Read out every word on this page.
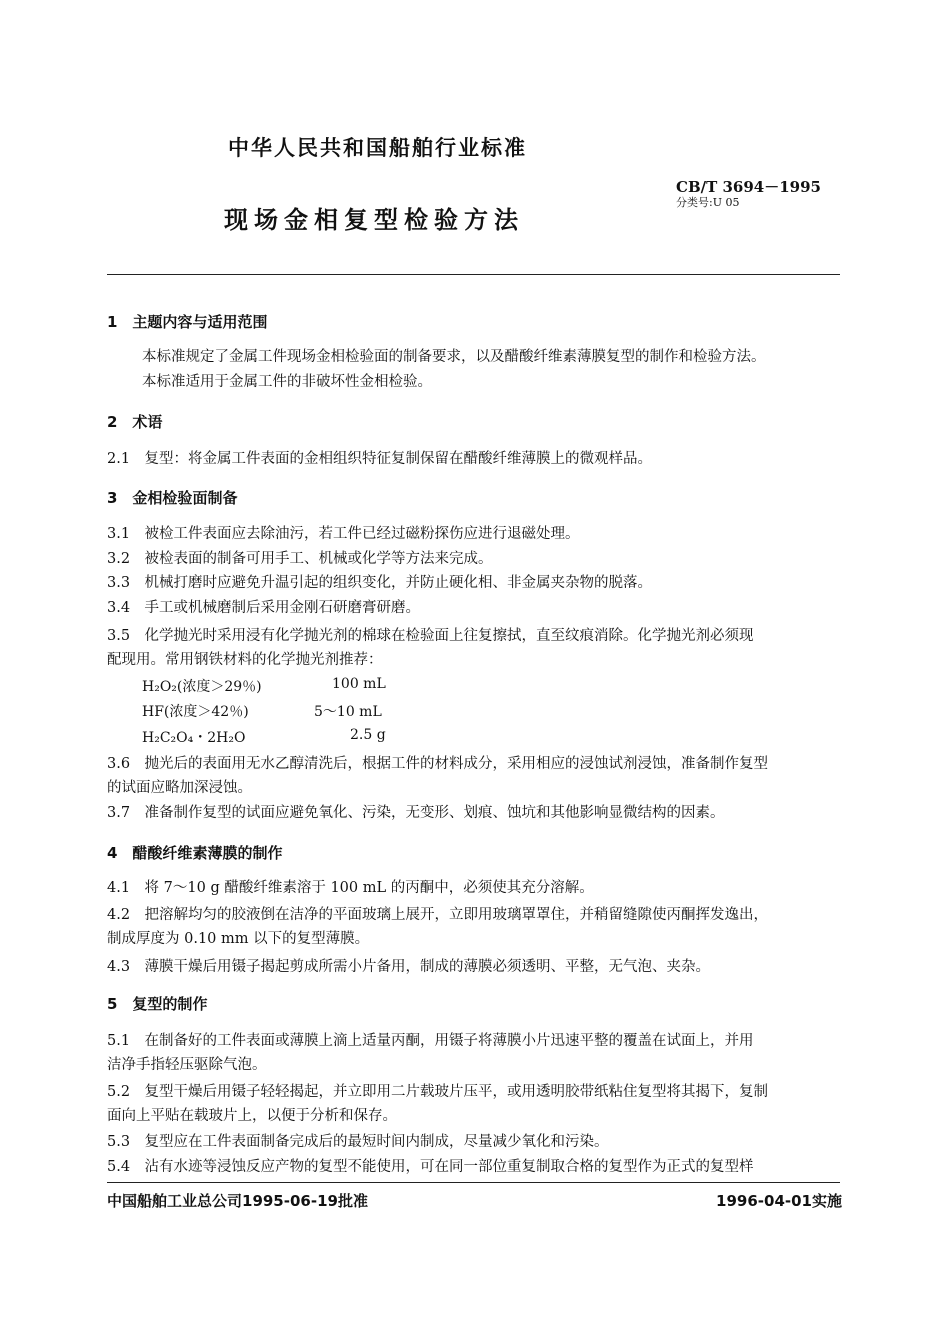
中华人民共和国船舶行业标准
现场金相复型检验方法
CB/T 3694－1995
分类号:U 05
1　主题内容与适用范围
本标准规定了金属工件现场金相检验面的制备要求，以及醋酸纤维素薄膜复型的制作和检验方法。
本标准适用于金属工件的非破坏性金相检验。
2　术语
2.1　复型：将金属工件表面的金相组织特征复制保留在醋酸纤维薄膜上的微观样品。
3　金相检验面制备
3.1　被检工件表面应去除油污，若工件已经过磁粉探伤应进行退磁处理。
3.2　被检表面的制备可用手工、机械或化学等方法来完成。
3.3　机械打磨时应避免升温引起的组织变化，并防止硬化相、非金属夹杂物的脱落。
3.4　手工或机械磨制后采用金刚石研磨膏研磨。
3.5　化学抛光时采用浸有化学抛光剂的棉球在检验面上往复擦拭，直至纹痕消除。化学抛光剂必须现
配现用。常用钢铁材料的化学抛光剂推荐：
H₂O₂(浓度＞29％)	100 mL
HF(浓度＞42％)	5～10 mL
H₂C₂O₄・2H₂O	2.5 g
3.6　抛光后的表面用无水乙醇清洗后，根据工件的材料成分，采用相应的浸蚀试剂浸蚀，准备制作复型
的试面应略加深浸蚀。
3.7　准备制作复型的试面应避免氧化、污染，无变形、划痕、蚀坑和其他影响显微结构的因素。
4　醋酸纤维素薄膜的制作
4.1　将 7～10 g 醋酸纤维素溶于 100 mL 的丙酮中，必须使其充分溶解。
4.2　把溶解均匀的胶液倒在洁净的平面玻璃上展开，立即用玻璃罩罩住，并稍留缝隙使丙酮挥发逸出，
制成厚度为 0.10 mm 以下的复型薄膜。
4.3　薄膜干燥后用镊子揭起剪成所需小片备用，制成的薄膜必须透明、平整，无气泡、夹杂。
5　复型的制作
5.1　在制备好的工件表面或薄膜上滴上适量丙酮，用镊子将薄膜小片迅速平整的覆盖在试面上，并用
洁净手指轻压驱除气泡。
5.2　复型干燥后用镊子轻轻揭起，并立即用二片载玻片压平，或用透明胶带纸粘住复型将其揭下，复制
面向上平贴在载玻片上，以便于分析和保存。
5.3　复型应在工件表面制备完成后的最短时间内制成，尽量减少氧化和污染。
5.4　沾有水迹等浸蚀反应产物的复型不能使用，可在同一部位重复制取合格的复型作为正式的复型样
中国船舶工业总公司1995-06-19批准	1996-04-01实施
